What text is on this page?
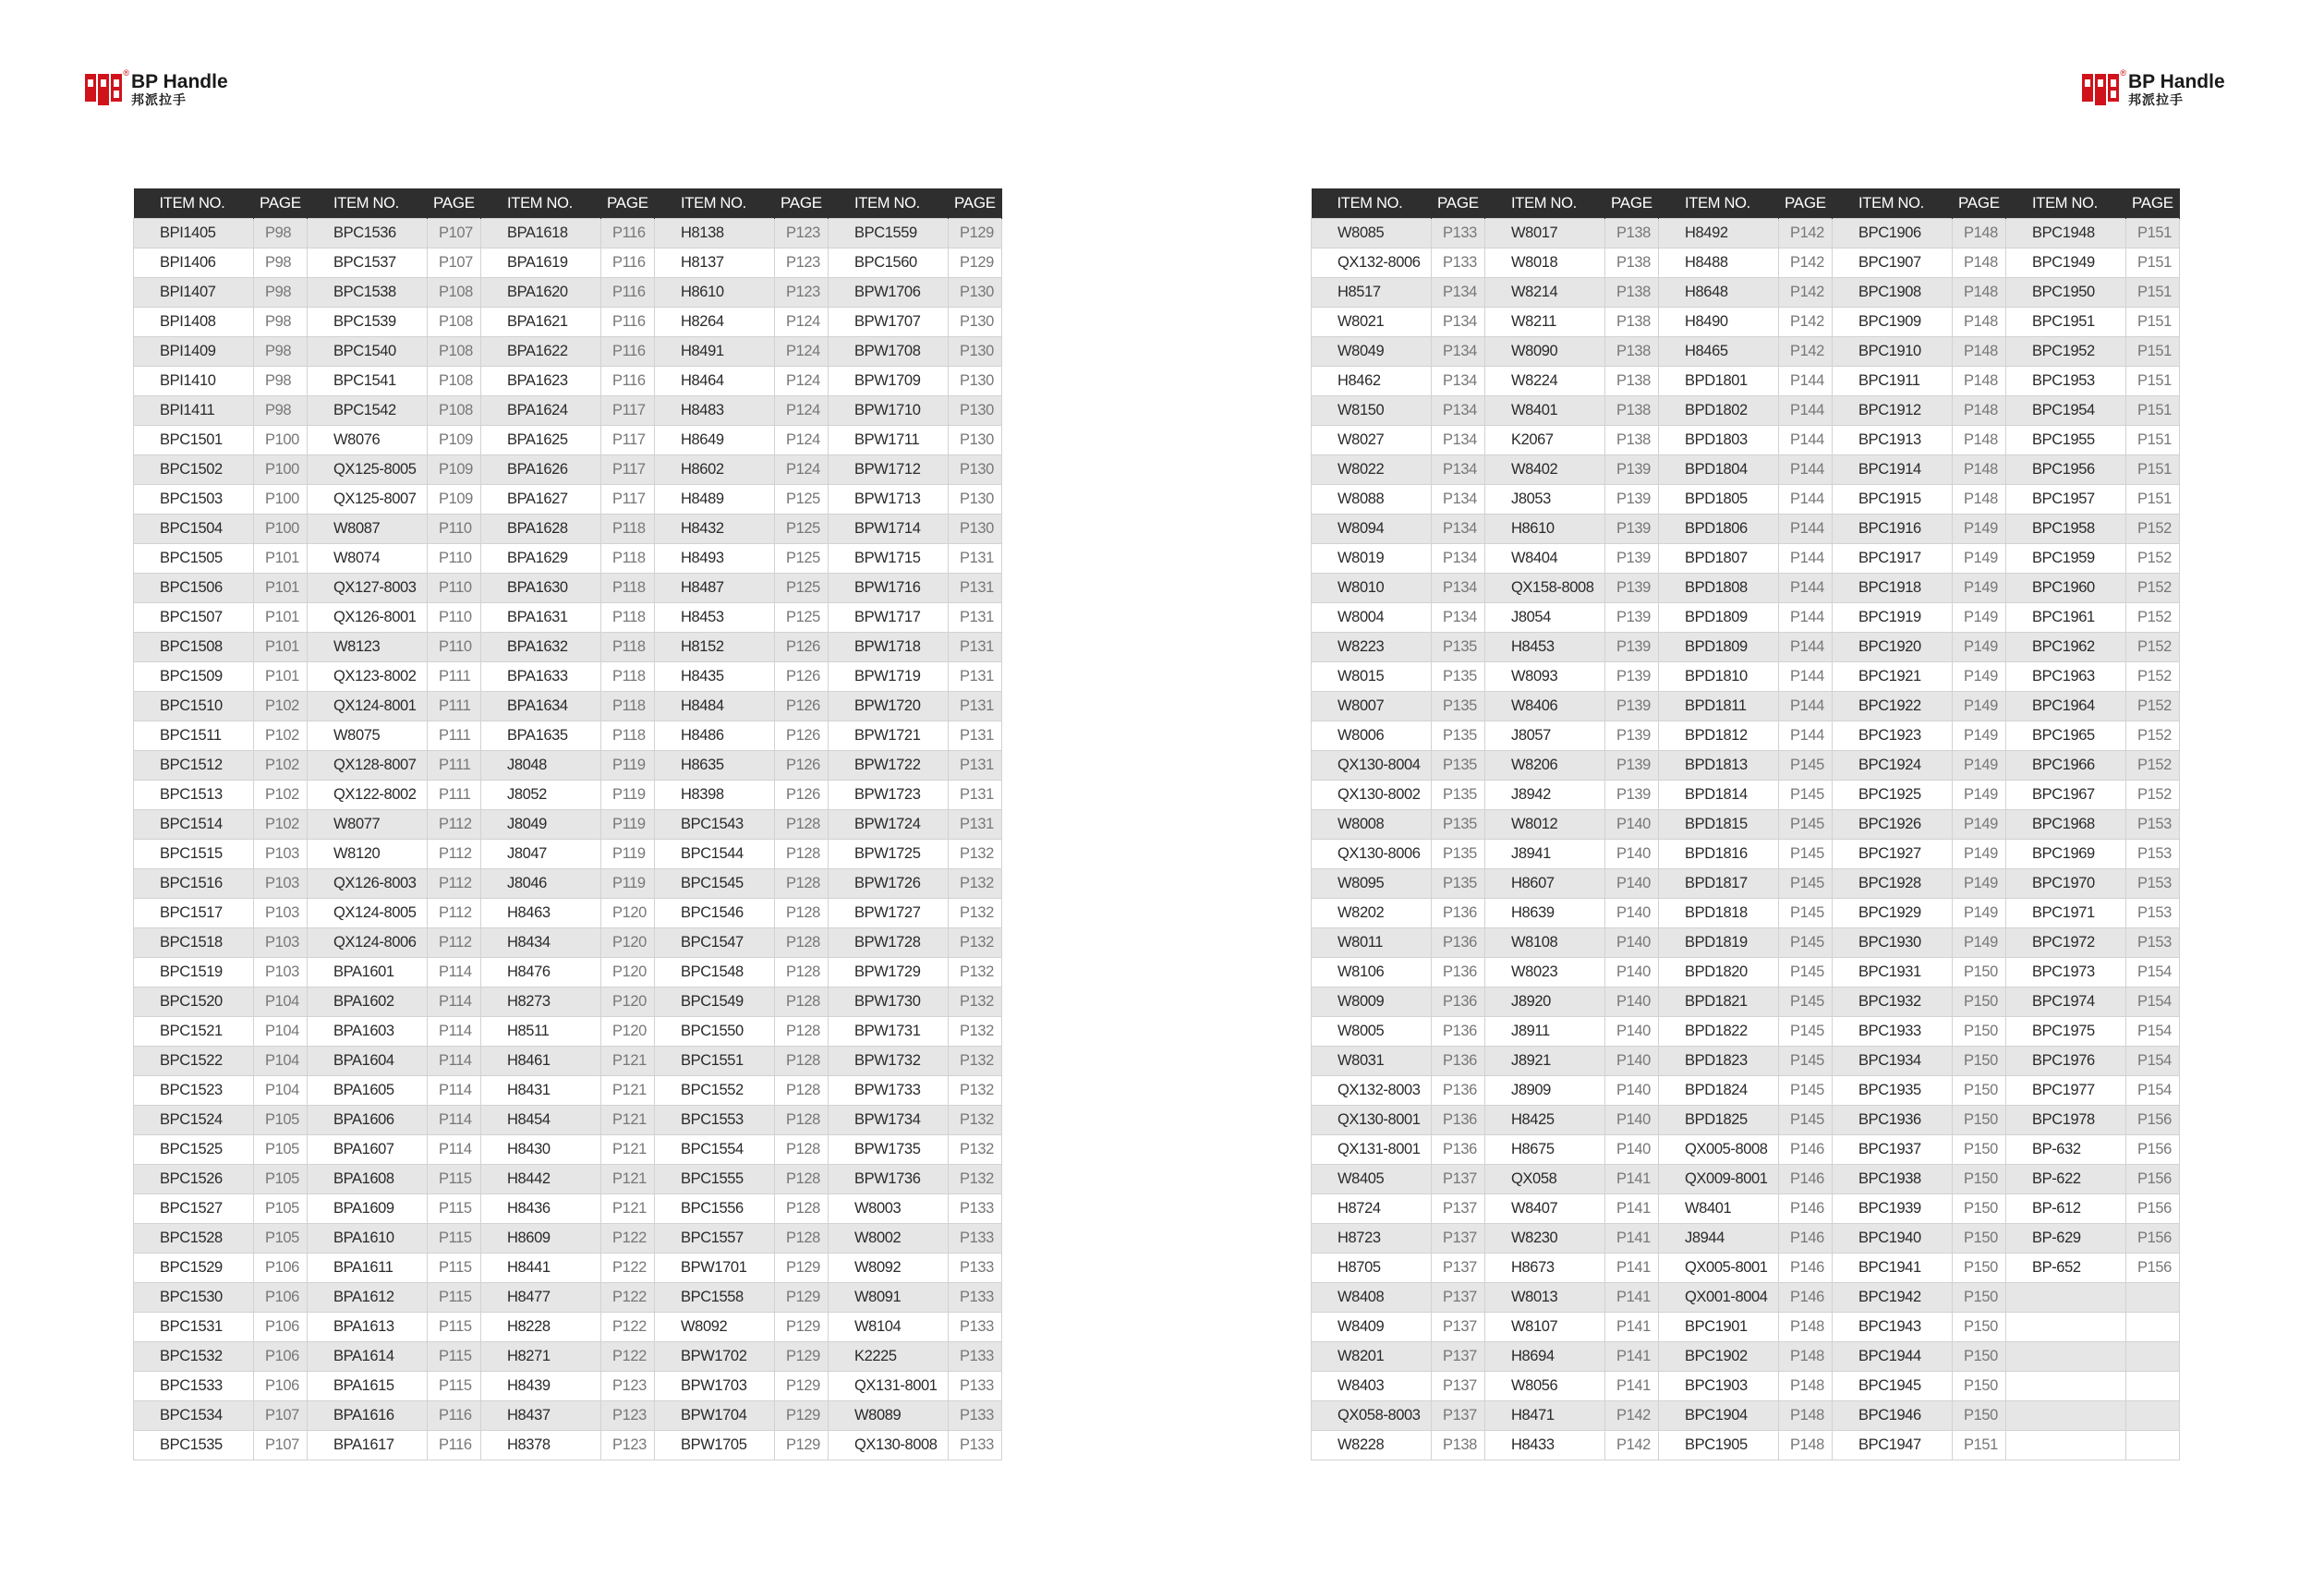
® BP Handle
邦派拉手
® BP Handle
邦派拉手
ITEM NO.	PAGE	ITEM NO.	PAGE	ITEM NO.	PAGE	ITEM NO.	PAGE	ITEM NO.	PAGE
BPI1405	P98	BPC1536	P107	BPA1618	P116	H8138	P123	BPC1559	P129
BPI1406	P98	BPC1537	P107	BPA1619	P116	H8137	P123	BPC1560	P129
BPI1407	P98	BPC1538	P108	BPA1620	P116	H8610	P123	BPW1706	P130
BPI1408	P98	BPC1539	P108	BPA1621	P116	H8264	P124	BPW1707	P130
BPI1409	P98	BPC1540	P108	BPA1622	P116	H8491	P124	BPW1708	P130
BPI1410	P98	BPC1541	P108	BPA1623	P116	H8464	P124	BPW1709	P130
BPI1411	P98	BPC1542	P108	BPA1624	P117	H8483	P124	BPW1710	P130
BPC1501	P100	W8076	P109	BPA1625	P117	H8649	P124	BPW1711	P130
BPC1502	P100	QX125-8005	P109	BPA1626	P117	H8602	P124	BPW1712	P130
BPC1503	P100	QX125-8007	P109	BPA1627	P117	H8489	P125	BPW1713	P130
BPC1504	P100	W8087	P110	BPA1628	P118	H8432	P125	BPW1714	P130
BPC1505	P101	W8074	P110	BPA1629	P118	H8493	P125	BPW1715	P131
BPC1506	P101	QX127-8003	P110	BPA1630	P118	H8487	P125	BPW1716	P131
BPC1507	P101	QX126-8001	P110	BPA1631	P118	H8453	P125	BPW1717	P131
BPC1508	P101	W8123	P110	BPA1632	P118	H8152	P126	BPW1718	P131
BPC1509	P101	QX123-8002	P111	BPA1633	P118	H8435	P126	BPW1719	P131
BPC1510	P102	QX124-8001	P111	BPA1634	P118	H8484	P126	BPW1720	P131
BPC1511	P102	W8075	P111	BPA1635	P118	H8486	P126	BPW1721	P131
BPC1512	P102	QX128-8007	P111	J8048	P119	H8635	P126	BPW1722	P131
BPC1513	P102	QX122-8002	P111	J8052	P119	H8398	P126	BPW1723	P131
BPC1514	P102	W8077	P112	J8049	P119	BPC1543	P128	BPW1724	P131
BPC1515	P103	W8120	P112	J8047	P119	BPC1544	P128	BPW1725	P132
BPC1516	P103	QX126-8003	P112	J8046	P119	BPC1545	P128	BPW1726	P132
BPC1517	P103	QX124-8005	P112	H8463	P120	BPC1546	P128	BPW1727	P132
BPC1518	P103	QX124-8006	P112	H8434	P120	BPC1547	P128	BPW1728	P132
BPC1519	P103	BPA1601	P114	H8476	P120	BPC1548	P128	BPW1729	P132
BPC1520	P104	BPA1602	P114	H8273	P120	BPC1549	P128	BPW1730	P132
BPC1521	P104	BPA1603	P114	H8511	P120	BPC1550	P128	BPW1731	P132
BPC1522	P104	BPA1604	P114	H8461	P121	BPC1551	P128	BPW1732	P132
BPC1523	P104	BPA1605	P114	H8431	P121	BPC1552	P128	BPW1733	P132
BPC1524	P105	BPA1606	P114	H8454	P121	BPC1553	P128	BPW1734	P132
BPC1525	P105	BPA1607	P114	H8430	P121	BPC1554	P128	BPW1735	P132
BPC1526	P105	BPA1608	P115	H8442	P121	BPC1555	P128	BPW1736	P132
BPC1527	P105	BPA1609	P115	H8436	P121	BPC1556	P128	W8003	P133
BPC1528	P105	BPA1610	P115	H8609	P122	BPC1557	P128	W8002	P133
BPC1529	P106	BPA1611	P115	H8441	P122	BPW1701	P129	W8092	P133
BPC1530	P106	BPA1612	P115	H8477	P122	BPC1558	P129	W8091	P133
BPC1531	P106	BPA1613	P115	H8228	P122	W8092	P129	W8104	P133
BPC1532	P106	BPA1614	P115	H8271	P122	BPW1702	P129	K2225	P133
BPC1533	P106	BPA1615	P115	H8439	P123	BPW1703	P129	QX131-8001	P133
BPC1534	P107	BPA1616	P116	H8437	P123	BPW1704	P129	W8089	P133
BPC1535	P107	BPA1617	P116	H8378	P123	BPW1705	P129	QX130-8008	P133
ITEM NO.	PAGE	ITEM NO.	PAGE	ITEM NO.	PAGE	ITEM NO.	PAGE	ITEM NO.	PAGE
W8085	P133	W8017	P138	H8492	P142	BPC1906	P148	BPC1948	P151
QX132-8006	P133	W8018	P138	H8488	P142	BPC1907	P148	BPC1949	P151
H8517	P134	W8214	P138	H8648	P142	BPC1908	P148	BPC1950	P151
W8021	P134	W8211	P138	H8490	P142	BPC1909	P148	BPC1951	P151
W8049	P134	W8090	P138	H8465	P142	BPC1910	P148	BPC1952	P151
H8462	P134	W8224	P138	BPD1801	P144	BPC1911	P148	BPC1953	P151
W8150	P134	W8401	P138	BPD1802	P144	BPC1912	P148	BPC1954	P151
W8027	P134	K2067	P138	BPD1803	P144	BPC1913	P148	BPC1955	P151
W8022	P134	W8402	P139	BPD1804	P144	BPC1914	P148	BPC1956	P151
W8088	P134	J8053	P139	BPD1805	P144	BPC1915	P148	BPC1957	P151
W8094	P134	H8610	P139	BPD1806	P144	BPC1916	P149	BPC1958	P152
W8019	P134	W8404	P139	BPD1807	P144	BPC1917	P149	BPC1959	P152
W8010	P134	QX158-8008	P139	BPD1808	P144	BPC1918	P149	BPC1960	P152
W8004	P134	J8054	P139	BPD1809	P144	BPC1919	P149	BPC1961	P152
W8223	P135	H8453	P139	BPD1809	P144	BPC1920	P149	BPC1962	P152
W8015	P135	W8093	P139	BPD1810	P144	BPC1921	P149	BPC1963	P152
W8007	P135	W8406	P139	BPD1811	P144	BPC1922	P149	BPC1964	P152
W8006	P135	J8057	P139	BPD1812	P144	BPC1923	P149	BPC1965	P152
QX130-8004	P135	W8206	P139	BPD1813	P145	BPC1924	P149	BPC1966	P152
QX130-8002	P135	J8942	P139	BPD1814	P145	BPC1925	P149	BPC1967	P152
W8008	P135	W8012	P140	BPD1815	P145	BPC1926	P149	BPC1968	P153
QX130-8006	P135	J8941	P140	BPD1816	P145	BPC1927	P149	BPC1969	P153
W8095	P135	H8607	P140	BPD1817	P145	BPC1928	P149	BPC1970	P153
W8202	P136	H8639	P140	BPD1818	P145	BPC1929	P149	BPC1971	P153
W8011	P136	W8108	P140	BPD1819	P145	BPC1930	P149	BPC1972	P153
W8106	P136	W8023	P140	BPD1820	P145	BPC1931	P150	BPC1973	P154
W8009	P136	J8920	P140	BPD1821	P145	BPC1932	P150	BPC1974	P154
W8005	P136	J8911	P140	BPD1822	P145	BPC1933	P150	BPC1975	P154
W8031	P136	J8921	P140	BPD1823	P145	BPC1934	P150	BPC1976	P154
QX132-8003	P136	J8909	P140	BPD1824	P145	BPC1935	P150	BPC1977	P154
QX130-8001	P136	H8425	P140	BPD1825	P145	BPC1936	P150	BPC1978	P156
QX131-8001	P136	H8675	P140	QX005-8008	P146	BPC1937	P150	BP-632	P156
W8405	P137	QX058	P141	QX009-8001	P146	BPC1938	P150	BP-622	P156
H8724	P137	W8407	P141	W8401	P146	BPC1939	P150	BP-612	P156
H8723	P137	W8230	P141	J8944	P146	BPC1940	P150	BP-629	P156
H8705	P137	H8673	P141	QX005-8001	P146	BPC1941	P150	BP-652	P156
W8408	P137	W8013	P141	QX001-8004	P146	BPC1942	P150		
W8409	P137	W8107	P141	BPC1901	P148	BPC1943	P150		
W8201	P137	H8694	P141	BPC1902	P148	BPC1944	P150		
W8403	P137	W8056	P141	BPC1903	P148	BPC1945	P150		
QX058-8003	P137	H8471	P142	BPC1904	P148	BPC1946	P150		
W8228	P138	H8433	P142	BPC1905	P148	BPC1947	P151		
